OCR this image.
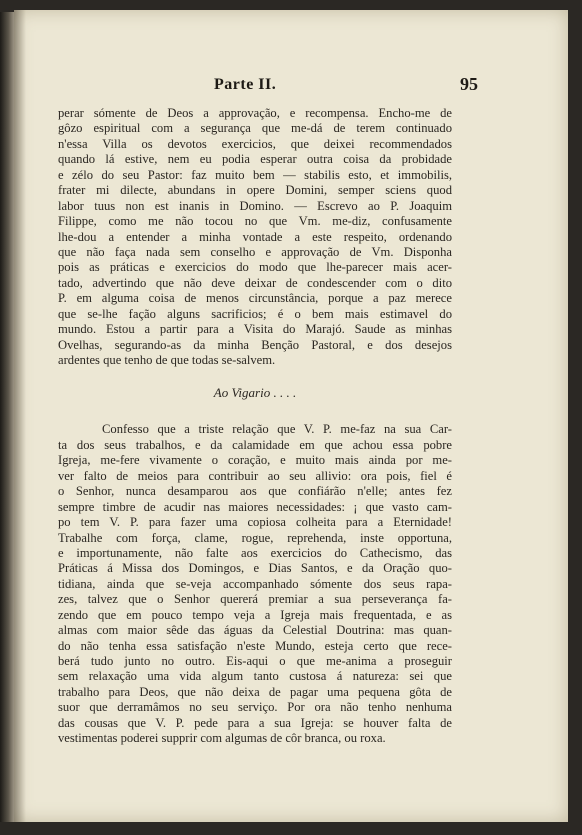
Parte II.	95
perar sómente de Deos a approvação, e recompensa. Encho-me de
gôzo espiritual com a segurança que me-dá de terem continuado
n'essa Villa os devotos exercicios, que deixei recommendados
quando lá estive, nem eu podia esperar outra coisa da probidade
e zélo do seu Pastor: faz muito bem — stabilis esto, et immobilis,
frater mi dilecte, abundans in opere Domini, semper sciens quod
labor tuus non est inanis in Domino. — Escrevo ao P. Joaquim
Filippe, como me não tocou no que Vm. me-diz, confusamente
lhe-dou a entender a minha vontade a este respeito, ordenando
que não faça nada sem conselho e approvação de Vm. Disponha
pois as práticas e exercicios do modo que lhe-parecer mais acer-
tado, advertindo que não deve deixar de condescender com o dito
P. em alguma coisa de menos circunstância, porque a paz merece
que se-lhe fação alguns sacrificios; é o bem mais estimavel do
mundo. Estou a partir para a Visita do Marajó. Saude as minhas
Ovelhas, segurando-as da minha Benção Pastoral, e dos desejos
ardentes que tenho de que todas se-salvem.
Ao Vigario . . . .
Confesso que a triste relação que V. P. me-faz na sua Car-
ta dos seus trabalhos, e da calamidade em que achou essa pobre
Igreja, me-fere vivamente o coração, e muito mais ainda por me-
ver falto de meios para contribuir ao seu allivio: ora pois, fiel é
o Senhor, nunca desamparou aos que confiárão n'elle; antes fez
sempre timbre de acudir nas maiores necessidades: ¡ que vasto cam-
po tem V. P. para fazer uma copiosa colheita para a Eternidade!
Trabalhe com força, clame, rogue, reprehenda, inste opportuna,
e importunamente, não falte aos exercicios do Cathecismo, das
Práticas á Missa dos Domingos, e Dias Santos, e da Oração quo-
tidiana, ainda que se-veja accompanhado sómente dos seus rapa-
zes, talvez que o Senhor quererá premiar a sua perseverança fa-
zendo que em pouco tempo veja a Igreja mais frequentada, e as
almas com maior sêde das águas da Celestial Doutrina: mas quan-
do não tenha essa satisfação n'este Mundo, esteja certo que rece-
berá tudo junto no outro. Eis-aqui o que me-anima a proseguir
sem relaxação uma vida algum tanto custosa á natureza: sei que
trabalho para Deos, que não deixa de pagar uma pequena gôta de
suor que derramâmos no seu serviço. Por ora não tenho nenhuma
das cousas que V. P. pede para a sua Igreja: se houver falta de
vestimentas poderei supprir com algumas de côr branca, ou roxa.
